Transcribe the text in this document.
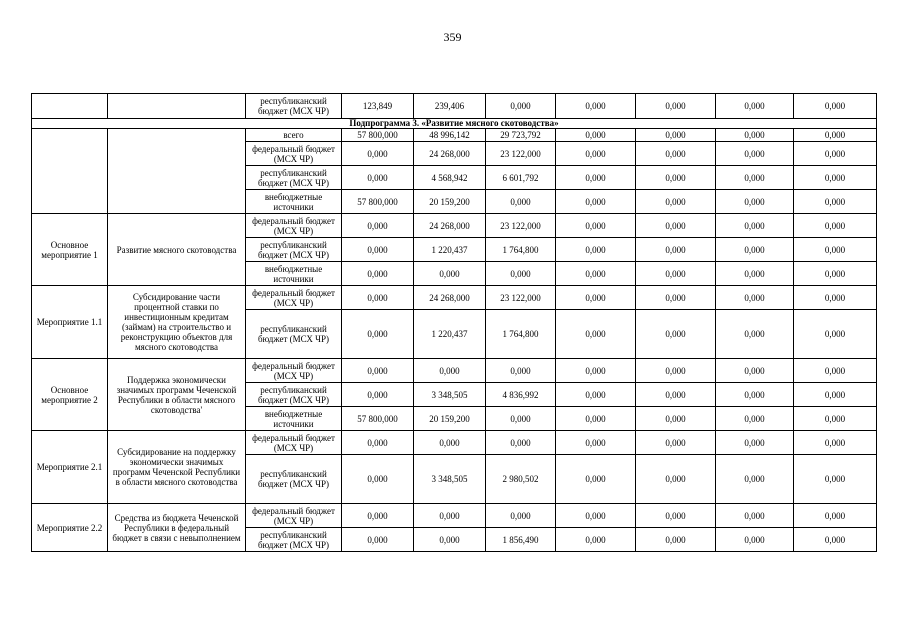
359
		республиканский бюджет (МСХ ЧР)	123,849	239,406	0,000	0,000	0,000	0,000	0,000
Подпрограмма 3. «Развитие мясного скотоводства»									
		всего	57 800,000	48 996,142	29 723,792	0,000	0,000	0,000	0,000
		федеральный бюджет (МСХ ЧР)	0,000	24 268,000	23 122,000	0,000	0,000	0,000	0,000
		республиканский бюджет (МСХ ЧР)	0,000	4 568,942	6 601,792	0,000	0,000	0,000	0,000
		внебюджетные источники	57 800,000	20 159,200	0,000	0,000	0,000	0,000	0,000
Основное мероприятие 1	Развитие мясного скотоводства	федеральный бюджет (МСХ ЧР)	0,000	24 268,000	23 122,000	0,000	0,000	0,000	0,000
		республиканский бюджет (МСХ ЧР)	0,000	1 220,437	1 764,800	0,000	0,000	0,000	0,000
		внебюджетные источники	0,000	0,000	0,000	0,000	0,000	0,000	0,000
Мероприятие 1.1	Субсидирование части процентной ставки по инвестиционным кредитам (займам) на строительство и реконструкцию объектов для мясного скотоводства	федеральный бюджет (МСХ ЧР)	0,000	24 268,000	23 122,000	0,000	0,000	0,000	0,000
		республиканский бюджет (МСХ ЧР)	0,000	1 220,437	1 764,800	0,000	0,000	0,000	0,000
Основное мероприятие 2	Поддержка экономически значимых программ Чеченской Республики в области мясного скотоводства'	федеральный бюджет (МСХ ЧР)	0,000	0,000	0,000	0,000	0,000	0,000	0,000
		республиканский бюджет (МСХ ЧР)	0,000	3 348,505	4 836,992	0,000	0,000	0,000	0,000
		внебюджетные источники	57 800,000	20 159,200	0,000	0,000	0,000	0,000	0,000
Мероприятие 2.1	Субсидирование на поддержку экономически значимых программ Чеченской Республики в области мясного скотоводства	федеральный бюджет (МСХ ЧР)	0,000	0,000	0,000	0,000	0,000	0,000	0,000
		республиканский бюджет (МСХ ЧР)	0,000	3 348,505	2 980,502	0,000	0,000	0,000	0,000
Мероприятие 2.2	Средства из бюджета Чеченской Республики в федеральный бюджет в связи с невыполнением	федеральный бюджет (МСХ ЧР)	0,000	0,000	0,000	0,000	0,000	0,000	0,000
		республиканский бюджет (МСХ ЧР)	0,000	0,000	1 856,490	0,000	0,000	0,000	0,000
